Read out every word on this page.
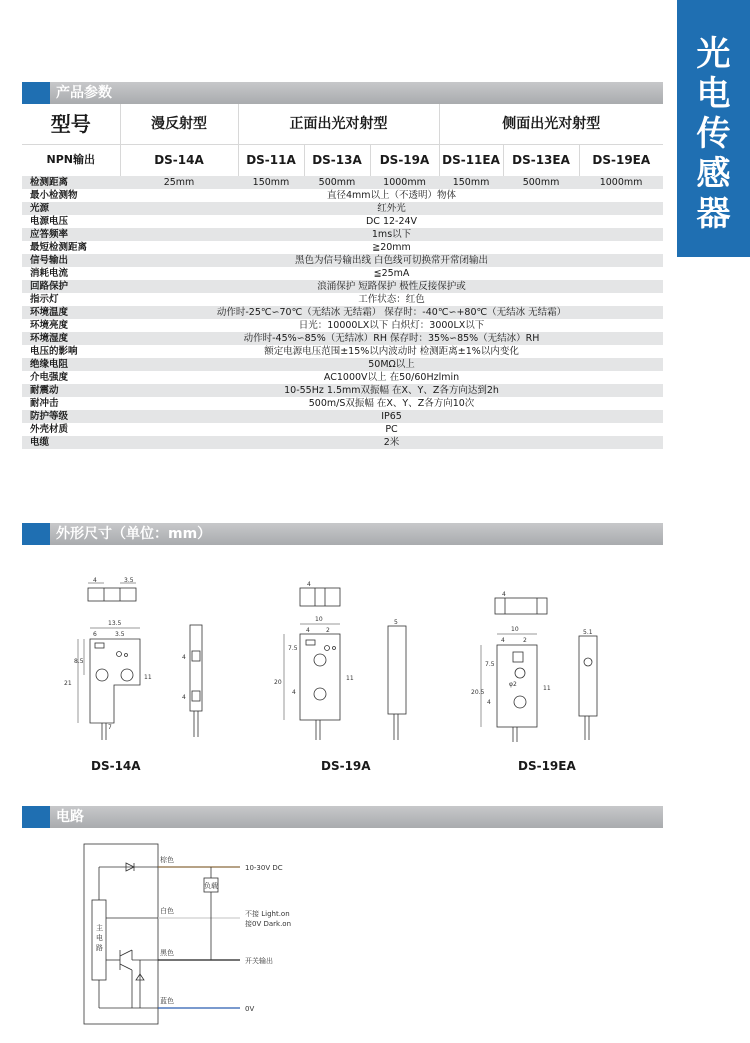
光
电
传
感
器
产品参数
型号	漫反射型	正面出光对射型			侧面出光对射型		
NPN输出	DS-14A	DS-11A	DS-13A	DS-19A	DS-11EA	DS-13EA	DS-19EA
检测距离	25mm	150mm	500mm	1000mm	150mm	500mm	1000mm
最小检测物	直径4mm以上（不透明）物体						
光源	红外光						
电源电压	DC 12-24V						
应答频率	1ms以下						
最短检测距离	≧20mm						
信号输出	黑色为信号输出线 白色线可切换常开常闭输出						
消耗电流	≦25mA						
回路保护	浪涌保护 短路保护 极性反接保护或						
指示灯	工作状态：红色						
环境温度	动作时-25℃∽70℃（无结冰 无结霜） 保存时：-40℃∽+80℃（无结冰 无结霜）						
环境亮度	日光：10000LX以下 白炽灯：3000LX以下						
环境湿度	动作时-45%∽85%（无结冰）RH 保存时：35%∽85%（无结冰）RH						
电压的影响	额定电源电压范围±15%以内波动时 检测距离±1%以内变化						
绝缘电阻	50MΩ以上						
介电强度	AC1000V以上 在50/60Hzlmin						
耐震动	10-55Hz 1.5mm双振幅 在X、Y、Z各方向达到2h						
耐冲击	500m/S双振幅 在X、Y、Z各方向10次						
防护等级	IP65						
外壳材质	PC						
电缆	2米						
外形尺寸（单位：mm）
4	3.5
13.5
6	3.5
21
8.5
11
7
4
4
DS-14A
4
10
4	2
20
7.5
11
4
5
DS-19A
4
10
4	2
φ2
20.5
7.5
11
4
5.1
DS-19EA
电路
主
电
路
棕色
白色
黑色
蓝色
负载
10-30V DC
不接 Light.on
接0V Dark.on
开关输出
0V
